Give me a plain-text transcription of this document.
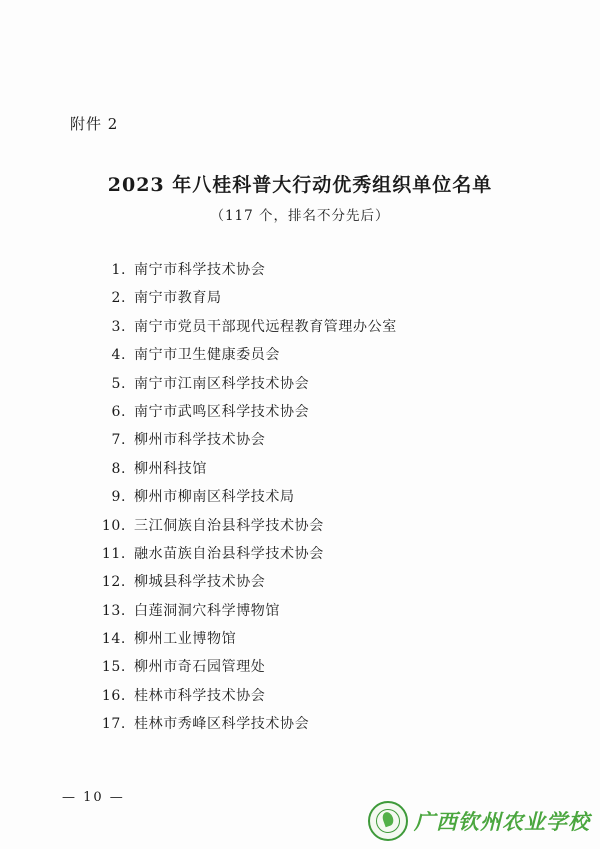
附件 2
2023 年八桂科普大行动优秀组织单位名单
（117 个，排名不分先后）
1. 南宁市科学技术协会
2. 南宁市教育局
3. 南宁市党员干部现代远程教育管理办公室
4. 南宁市卫生健康委员会
5. 南宁市江南区科学技术协会
6. 南宁市武鸣区科学技术协会
7. 柳州市科学技术协会
8. 柳州科技馆
9. 柳州市柳南区科学技术局
10. 三江侗族自治县科学技术协会
11. 融水苗族自治县科学技术协会
12. 柳城县科学技术协会
13. 白莲洞洞穴科学博物馆
14. 柳州工业博物馆
15. 柳州市奇石园管理处
16. 桂林市科学技术协会
17. 桂林市秀峰区科学技术协会
— 10 —
广西钦州农业学校
